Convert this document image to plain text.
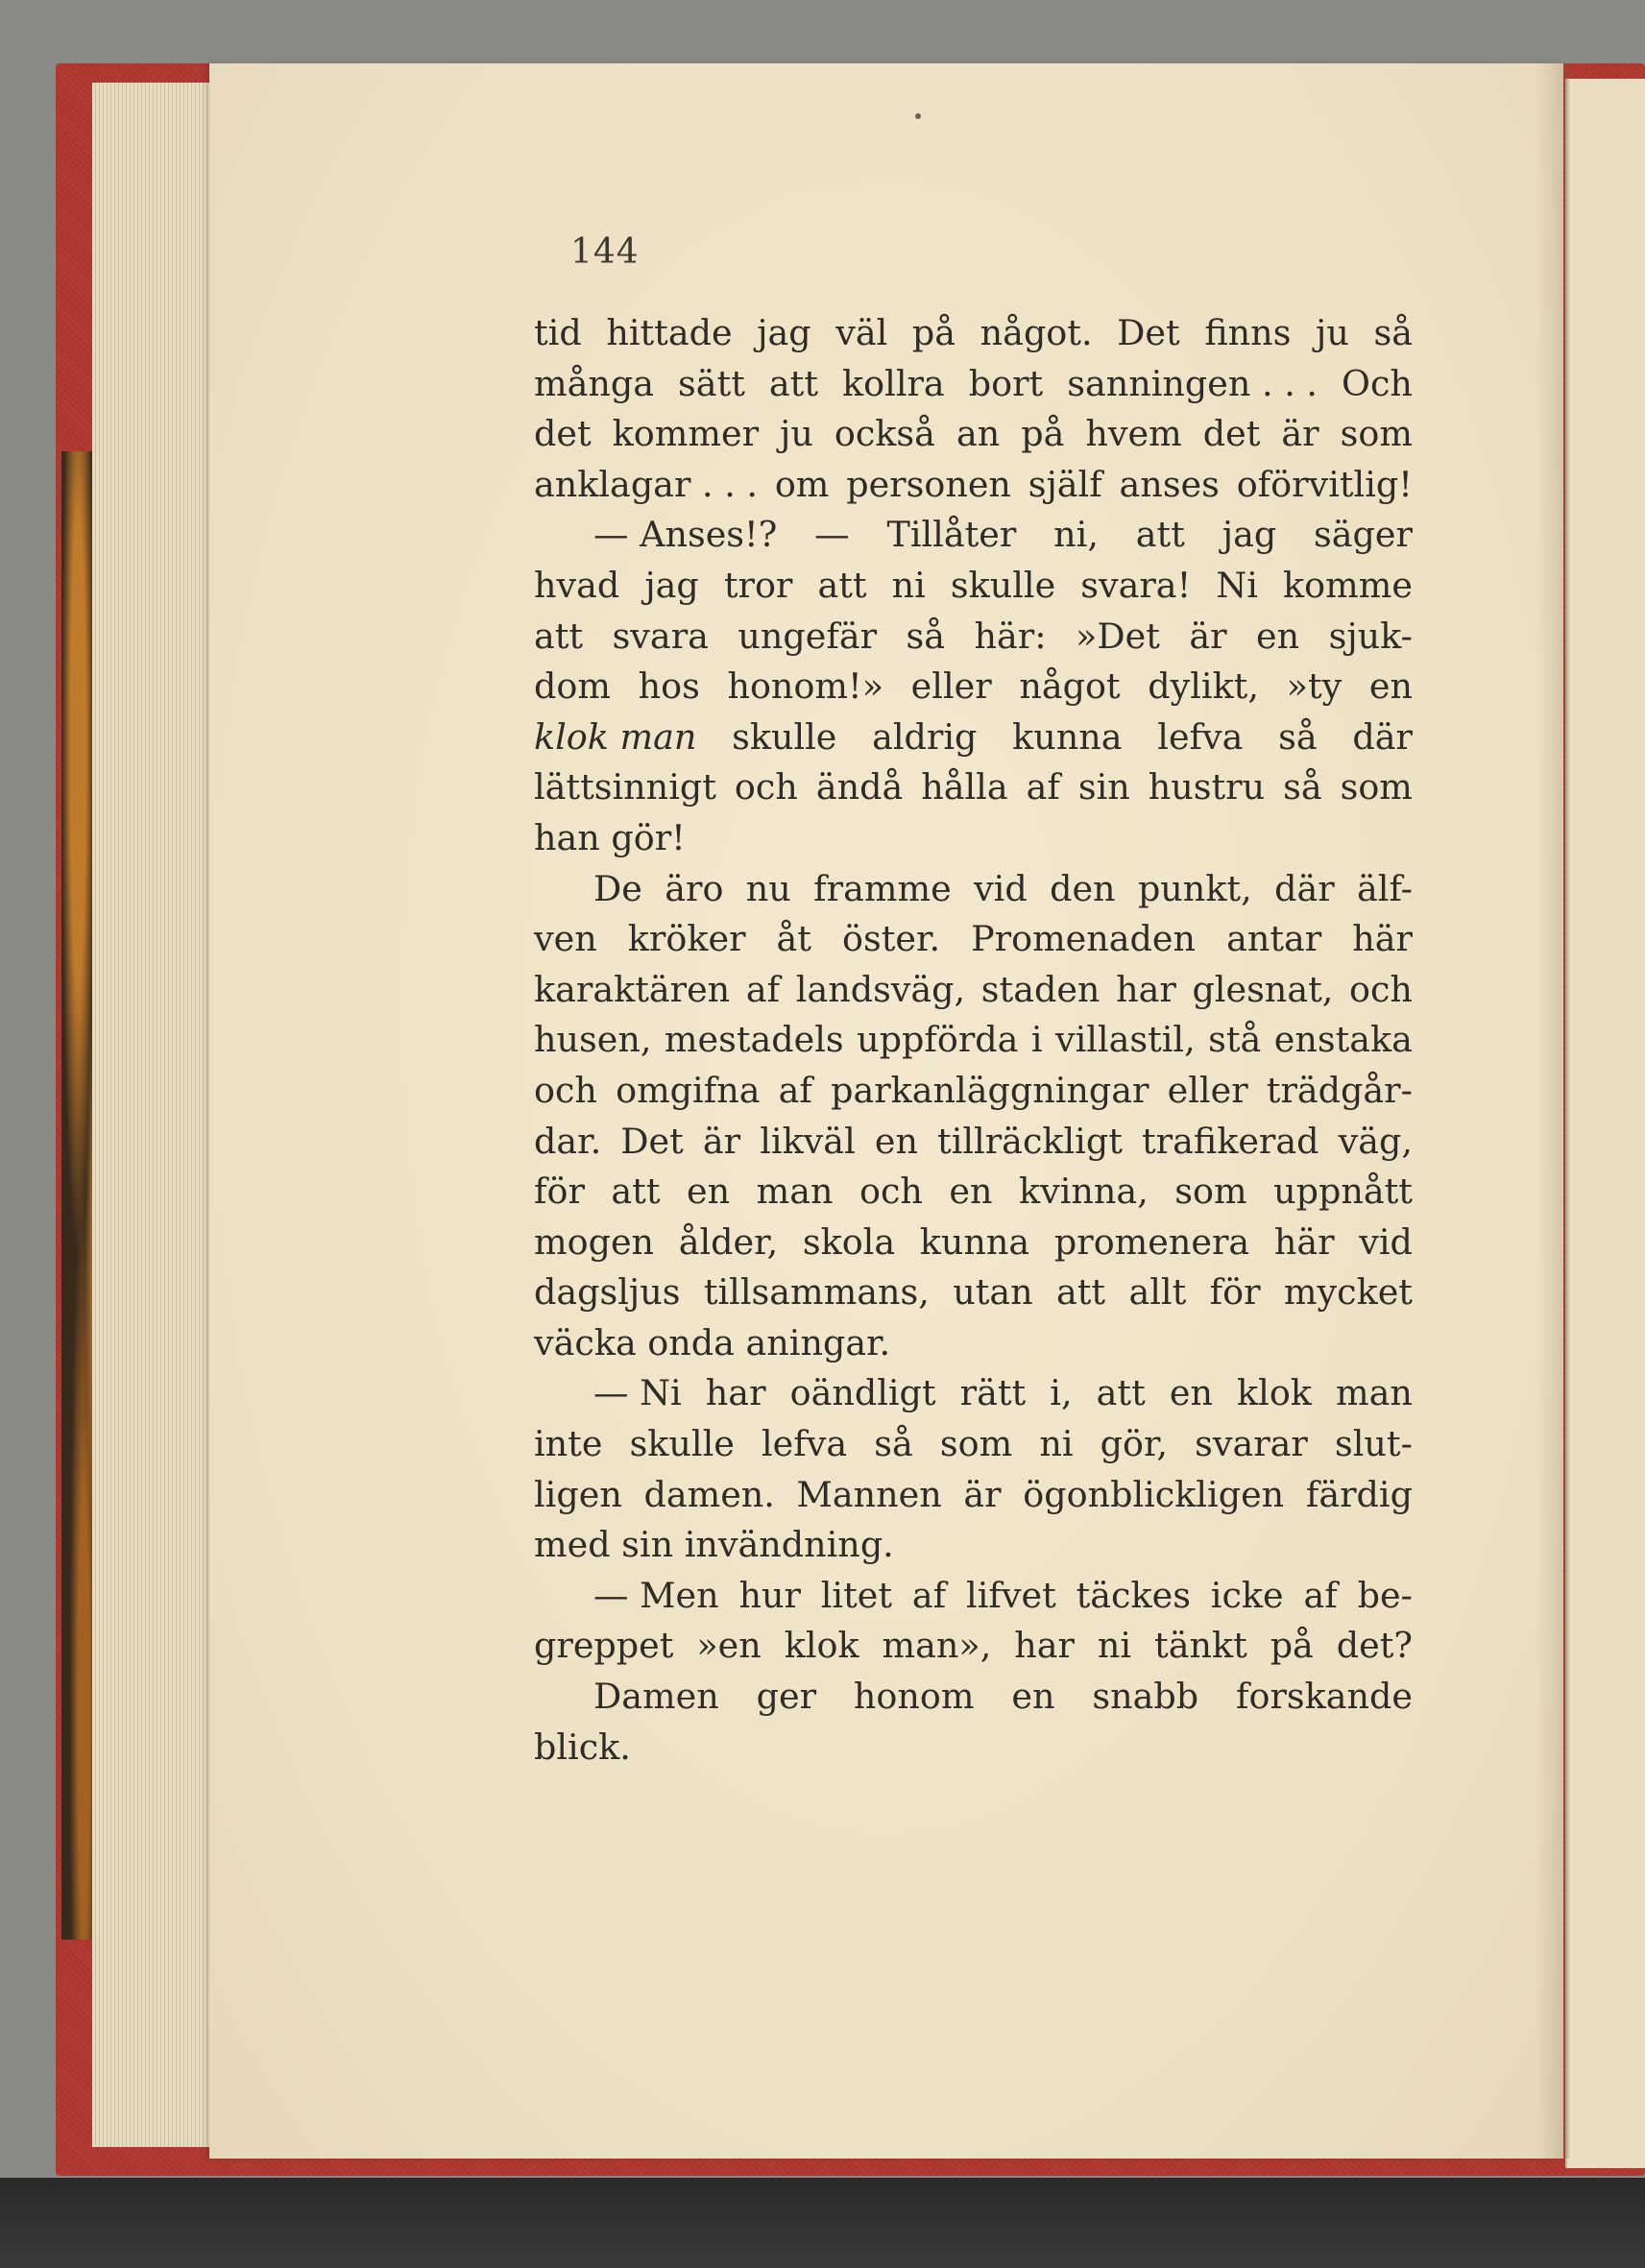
144
tid hittade jag väl på något. Det finns ju så
många sätt att kollra bort sanningen . . . Och
det kommer ju också an på hvem det är som
anklagar . . . om personen själf anses oförvitlig!
— Anses!? — Tillåter ni, att jag säger
hvad jag tror att ni skulle svara! Ni komme
att svara ungefär så här: »Det är en sjuk-
dom hos honom!» eller något dylikt, »ty en
klok man skulle aldrig kunna lefva så där
lättsinnigt och ändå hålla af sin hustru så som
han gör!
De äro nu framme vid den punkt, där älf-
ven kröker åt öster. Promenaden antar här
karaktären af landsväg, staden har glesnat, och
husen, mestadels uppförda i villastil, stå enstaka
och omgifna af parkanläggningar eller trädgår-
dar. Det är likväl en tillräckligt trafikerad väg,
för att en man och en kvinna, som uppnått
mogen ålder, skola kunna promenera här vid
dagsljus tillsammans, utan att allt för mycket
väcka onda aningar.
— Ni har oändligt rätt i, att en klok man
inte skulle lefva så som ni gör, svarar slut-
ligen damen. Mannen är ögonblickligen färdig
med sin invändning.
— Men hur litet af lifvet täckes icke af be-
greppet »en klok man», har ni tänkt på det?
Damen ger honom en snabb forskande
blick.
